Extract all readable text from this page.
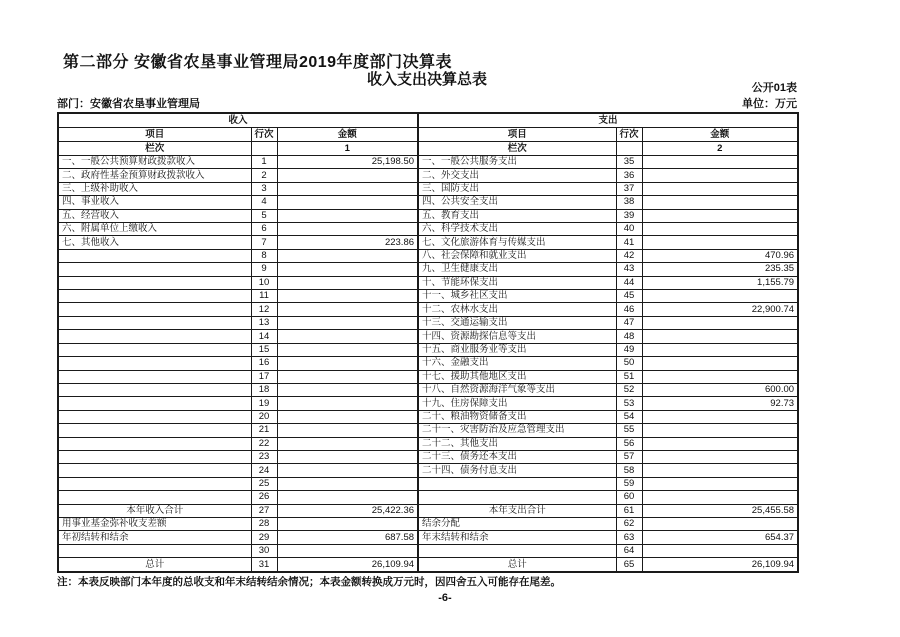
第二部分 安徽省农垦事业管理局2019年度部门决算表
收入支出决算总表	公开01表
部门：安徽省农垦事业管理局	单位：万元
收入			支出		
项目	行次	金额	项目	行次	金额
栏次		1	栏次		2
一、一般公共预算财政拨款收入	1	25,198.50	一、一般公共服务支出	35	
二、政府性基金预算财政拨款收入	2		二、外交支出	36	
三、上级补助收入	3		三、国防支出	37	
四、事业收入	4		四、公共安全支出	38	
五、经营收入	5		五、教育支出	39	
六、附属单位上缴收入	6		六、科学技术支出	40	
七、其他收入	7	223.86	七、文化旅游体育与传媒支出	41	
	8		八、社会保障和就业支出	42	470.96
	9		九、卫生健康支出	43	235.35
	10		十、节能环保支出	44	1,155.79
	11		十一、城乡社区支出	45	
	12		十二、农林水支出	46	22,900.74
	13		十三、交通运输支出	47	
	14		十四、资源勘探信息等支出	48	
	15		十五、商业服务业等支出	49	
	16		十六、金融支出	50	
	17		十七、援助其他地区支出	51	
	18		十八、自然资源海洋气象等支出	52	600.00
	19		十九、住房保障支出	53	92.73
	20		二十、粮油物资储备支出	54	
	21		二十一、灾害防治及应急管理支出	55	
	22		二十二、其他支出	56	
	23		二十三、债务还本支出	57	
	24		二十四、债务付息支出	58	
	25			59	
	26			60	
本年收入合计	27	25,422.36	本年支出合计	61	25,455.58
用事业基金弥补收支差额	28		结余分配	62	
年初结转和结余	29	687.58	年末结转和结余	63	654.37
	30			64	
总计	31	26,109.94	总计	65	26,109.94
注：本表反映部门本年度的总收支和年末结转结余情况；本表金额转换成万元时，因四舍五入可能存在尾差。
-6-
